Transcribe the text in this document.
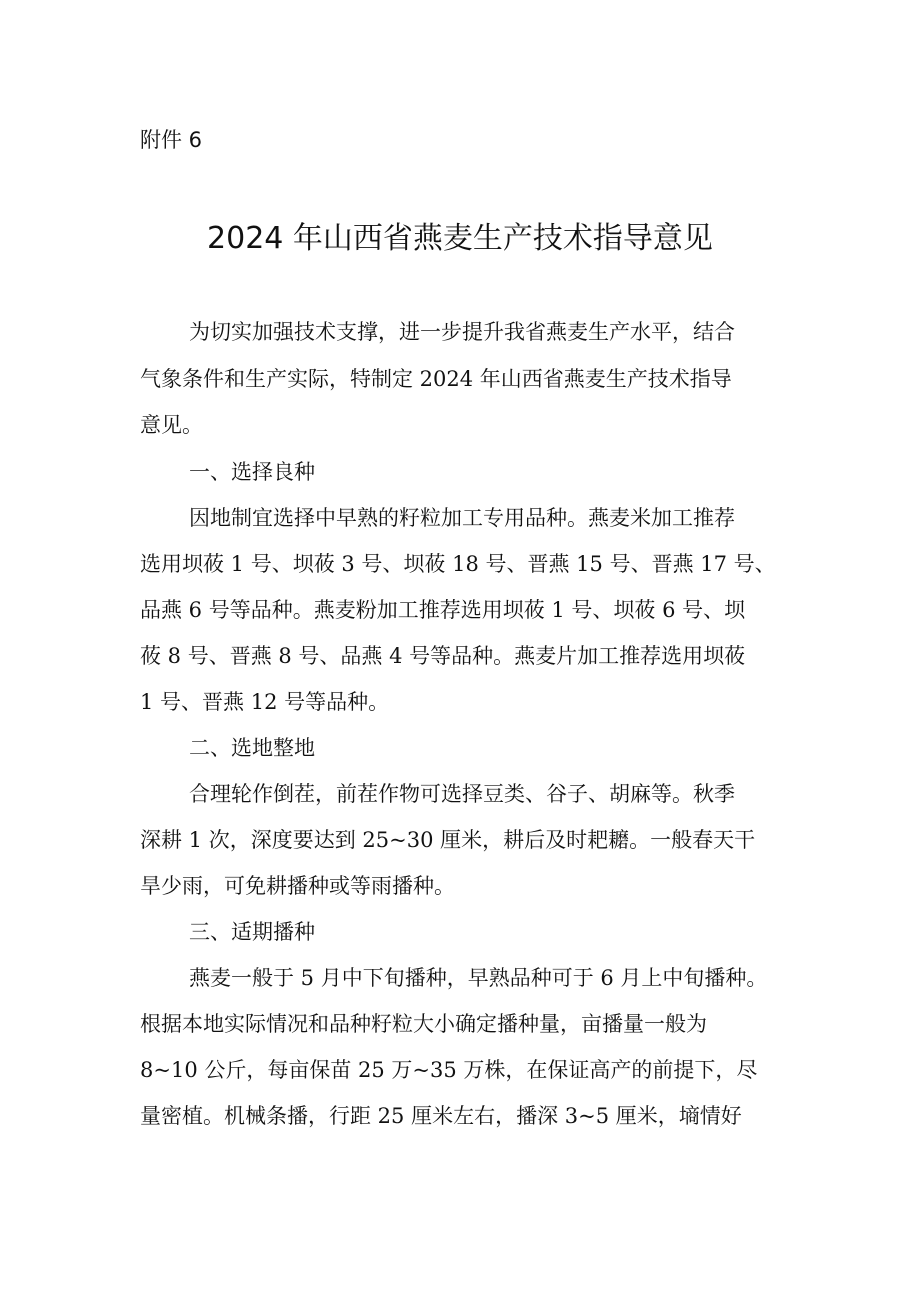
附件 6
2024 年山西省燕麦生产技术指导意见
为切实加强技术支撑，进一步提升我省燕麦生产水平，结合
气象条件和生产实际，特制定 2024 年山西省燕麦生产技术指导
意见。
一、选择良种
因地制宜选择中早熟的籽粒加工专用品种。燕麦米加工推荐
选用坝莜 1 号、坝莜 3 号、坝莜 18 号、晋燕 15 号、晋燕 17 号、
品燕 6 号等品种。燕麦粉加工推荐选用坝莜 1 号、坝莜 6 号、坝
莜 8 号、晋燕 8 号、品燕 4 号等品种。燕麦片加工推荐选用坝莜
1 号、晋燕 12 号等品种。
二、选地整地
合理轮作倒茬，前茬作物可选择豆类、谷子、胡麻等。秋季
深耕 1 次，深度要达到 25~30 厘米，耕后及时耙耱。一般春天干
旱少雨，可免耕播种或等雨播种。
三、适期播种
燕麦一般于 5 月中下旬播种，早熟品种可于 6 月上中旬播种。
根据本地实际情况和品种籽粒大小确定播种量，亩播量一般为
8~10 公斤，每亩保苗 25 万~35 万株，在保证高产的前提下，尽
量密植。机械条播，行距 25 厘米左右，播深 3~5 厘米，墒情好
